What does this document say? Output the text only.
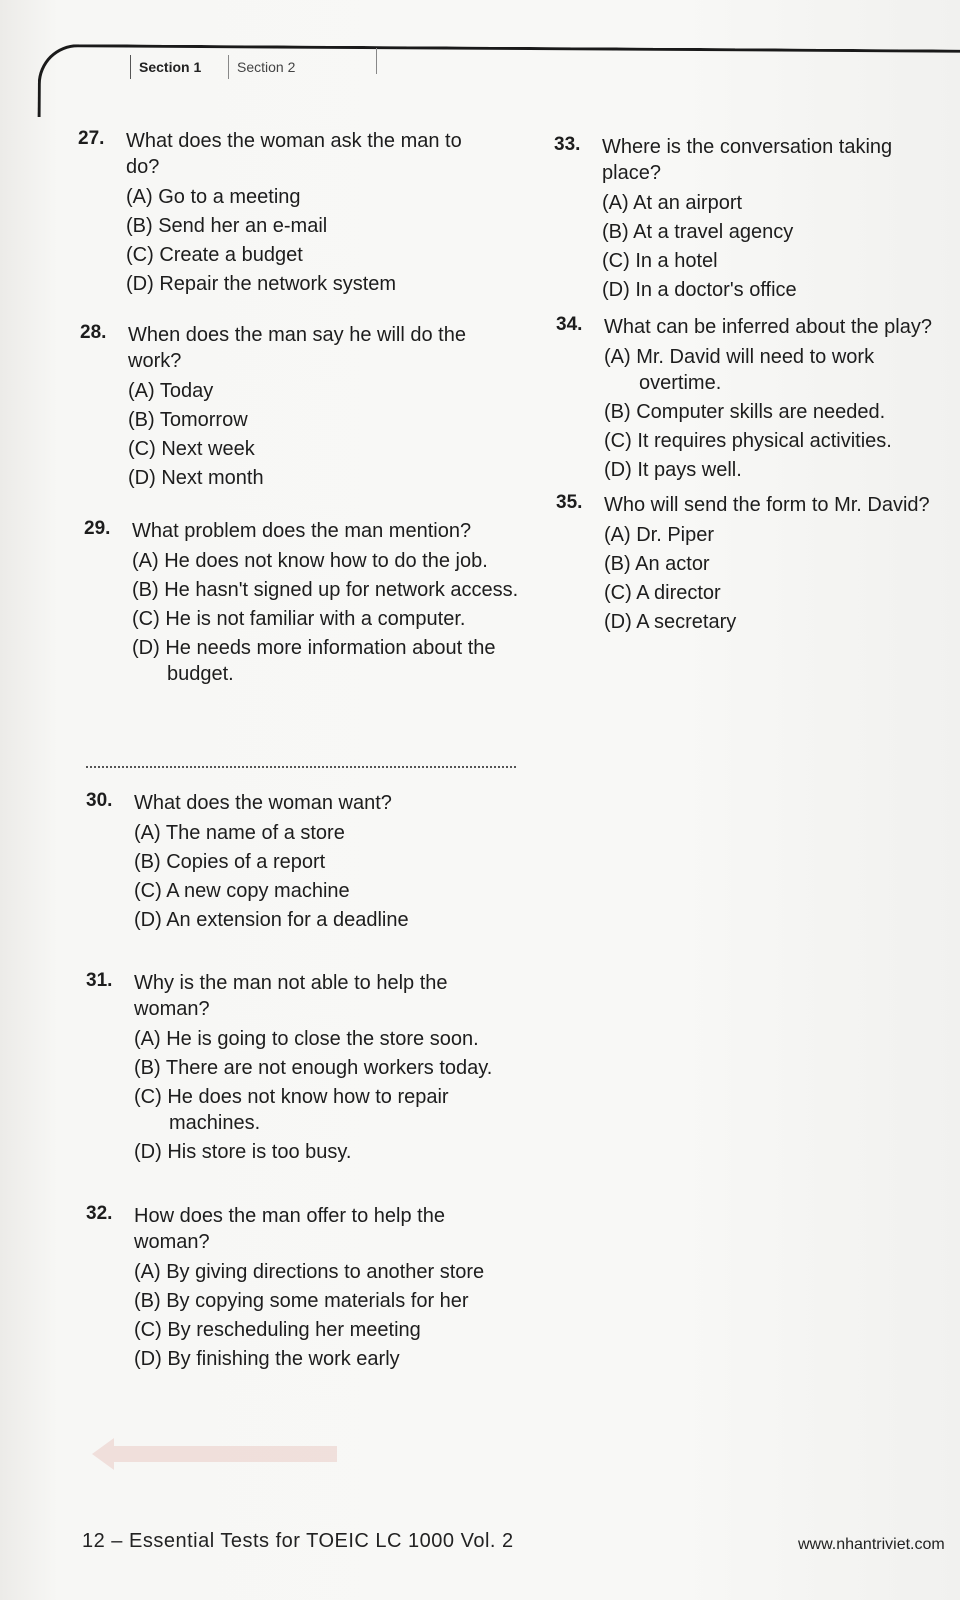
Section 1	Section 2
27. What does the woman ask the man to do?
(A) Go to a meeting
(B) Send her an e-mail
(C) Create a budget
(D) Repair the network system
28. When does the man say he will do the work?
(A) Today
(B) Tomorrow
(C) Next week
(D) Next month
29. What problem does the man mention?
(A) He does not know how to do the job.
(B) He hasn't signed up for network access.
(C) He is not familiar with a computer.
(D) He needs more information about the budget.
30. What does the woman want?
(A) The name of a store
(B) Copies of a report
(C) A new copy machine
(D) An extension for a deadline
31. Why is the man not able to help the woman?
(A) He is going to close the store soon.
(B) There are not enough workers today.
(C) He does not know how to repair machines.
(D) His store is too busy.
32. How does the man offer to help the woman?
(A) By giving directions to another store
(B) By copying some materials for her
(C) By rescheduling her meeting
(D) By finishing the work early
33. Where is the conversation taking place?
(A) At an airport
(B) At a travel agency
(C) In a hotel
(D) In a doctor's office
34. What can be inferred about the play?
(A) Mr. David will need to work overtime.
(B) Computer skills are needed.
(C) It requires physical activities.
(D) It pays well.
35. Who will send the form to Mr. David?
(A) Dr. Piper
(B) An actor
(C) A director
(D) A secretary
12 – Essential Tests for TOEIC LC 1000 Vol. 2	www.nhantriviet.com
